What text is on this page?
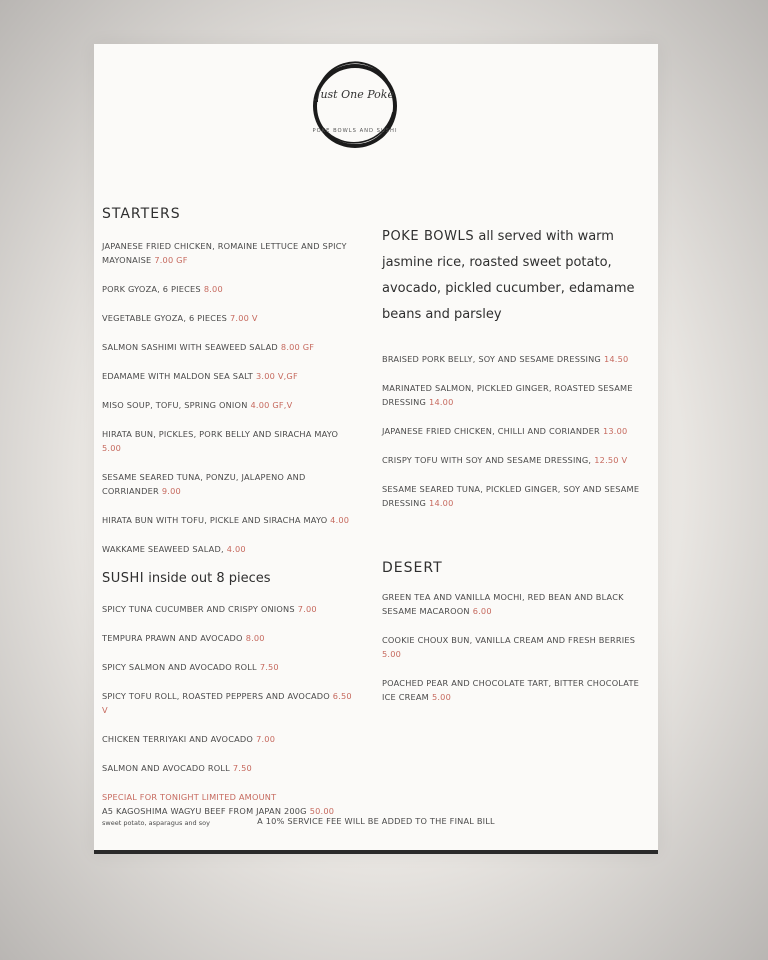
Just One Poke
POKE BOWLS AND SUSHI
STARTERS
JAPANESE FRIED CHICKEN, ROMAINE LETTUCE AND SPICY MAYONAISE 7.00 GF
PORK GYOZA, 6 PIECES 8.00
VEGETABLE GYOZA, 6 PIECES 7.00 V
SALMON SASHIMI WITH SEAWEED SALAD 8.00 GF
EDAMAME WITH MALDON SEA SALT 3.00 V,GF
MISO SOUP, TOFU, SPRING ONION 4.00 GF,V
HIRATA BUN, PICKLES, PORK BELLY AND SIRACHA MAYO 5.00
SESAME SEARED TUNA, PONZU, JALAPENO AND CORRIANDER 9.00
HIRATA BUN WITH TOFU, PICKLE AND SIRACHA MAYO 4.00
WAKKAME SEAWEED SALAD, 4.00
SUSHI inside out 8 pieces
SPICY TUNA CUCUMBER AND CRISPY ONIONS 7.00
TEMPURA PRAWN AND AVOCADO 8.00
SPICY SALMON AND AVOCADO ROLL 7.50
SPICY TOFU ROLL, ROASTED PEPPERS AND AVOCADO 6.50 V
CHICKEN TERRIYAKI AND AVOCADO 7.00
SALMON AND AVOCADO ROLL 7.50
SPECIAL FOR TONIGHT LIMITED AMOUNT
A5 KAGOSHIMA WAGYU BEEF FROM JAPAN 200G 50.00
sweet potato, asparagus and soy
POKE BOWLS all served with warm jasmine rice, roasted sweet potato, avocado, pickled cucumber, edamame beans and parsley
BRAISED PORK BELLY, SOY AND SESAME DRESSING 14.50
MARINATED SALMON, PICKLED GINGER, ROASTED SESAME DRESSING 14.00
JAPANESE FRIED CHICKEN, CHILLI AND CORIANDER 13.00
CRISPY TOFU WITH SOY AND SESAME DRESSING, 12.50 V
SESAME SEARED TUNA, PICKLED GINGER, SOY AND SESAME DRESSING 14.00
DESERT
GREEN TEA AND VANILLA MOCHI, RED BEAN AND BLACK SESAME MACAROON 6.00
COOKIE CHOUX BUN, VANILLA CREAM AND FRESH BERRIES 5.00
POACHED PEAR AND CHOCOLATE TART, BITTER CHOCOLATE ICE CREAM 5.00
A 10% SERVICE FEE WILL BE ADDED TO THE FINAL BILL
